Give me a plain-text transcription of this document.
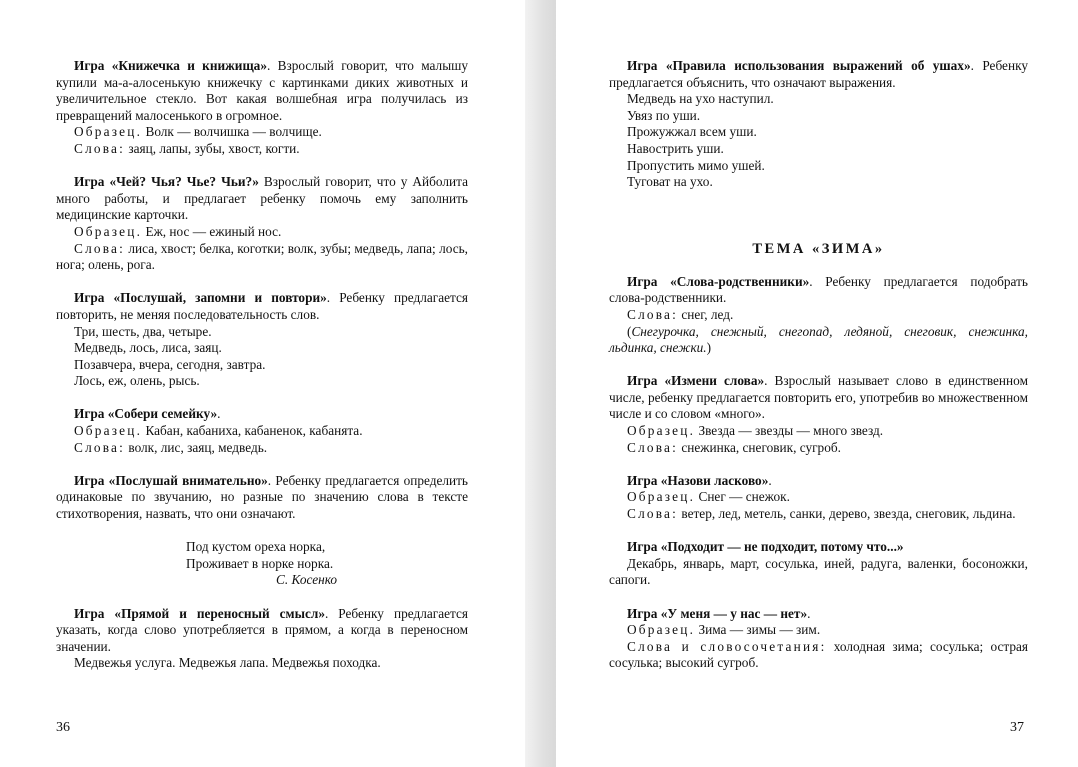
Игра «Книжечка и книжища». Взрослый говорит, что малышу купили ма-а-алосенькую книжечку с картинками диких животных и увеличительное стекло. Вот какая волшебная игра получилась из превращений малосенького в огромное.

Образец. Волк — волчишка — волчище.

Слова: заяц, лапы, зубы, хвост, когти.

Игра «Чей? Чья? Чье? Чьи?» Взрослый говорит, что у Айболита много работы, и предлагает ребенку помочь ему заполнить медицинские карточки.

Образец. Еж, нос — ежиный нос.

Слова: лиса, хвост; белка, коготки; волк, зубы; медведь, лапа; лось, нога; олень, рога.

Игра «Послушай, запомни и повтори». Ребенку предлагается повторить, не меняя последовательность слов.

Три, шесть, два, четыре.

Медведь, лось, лиса, заяц.

Позавчера, вчера, сегодня, завтра.

Лось, еж, олень, рысь.

Игра «Собери семейку».

Образец. Кабан, кабаниха, кабаненок, кабанята.

Слова: волк, лис, заяц, медведь.

Игра «Послушай внимательно». Ребенку предлагается определить одинаковые по звучанию, но разные по значению слова в тексте стихотворения, назвать, что они означают.

Под кустом ореха норка,

Проживает в норке норка.

С. Косенко

Игра «Прямой и переносный смысл». Ребенку предлагается указать, когда слово употребляется в прямом, а когда в переносном значении.

Медвежья услуга. Медвежья лапа. Медвежья походка.

36

Игра «Правила использования выражений об ушах». Ребенку предлагается объяснить, что означают выражения.

Медведь на ухо наступил.

Увяз по уши.

Прожужжал всем уши.

Навострить уши.

Пропустить мимо ушей.

Туговат на ухо.

ТЕМА «ЗИМА»

Игра «Слова-родственники». Ребенку предлагается подобрать слова-родственники.

Слова: снег, лед.

(Снегурочка, снежный, снегопад, ледяной, снеговик, снежинка, льдинка, снежки.)

Игра «Измени слова». Взрослый называет слово в единственном числе, ребенку предлагается повторить его, употребив во множественном числе и со словом «много».

Образец. Звезда — звезды — много звезд.

Слова: снежинка, снеговик, сугроб.

Игра «Назови ласково».

Образец. Снег — снежок.

Слова: ветер, лед, метель, санки, дерево, звезда, снеговик, льдина.

Игра «Подходит — не подходит, потому что...»

Декабрь, январь, март, сосулька, иней, радуга, валенки, босоножки, сапоги.

Игра «У меня — у нас — нет».

Образец. Зима — зимы — зим.

Слова и словосочетания: холодная зима; сосулька; острая сосулька; высокий сугроб.

37
